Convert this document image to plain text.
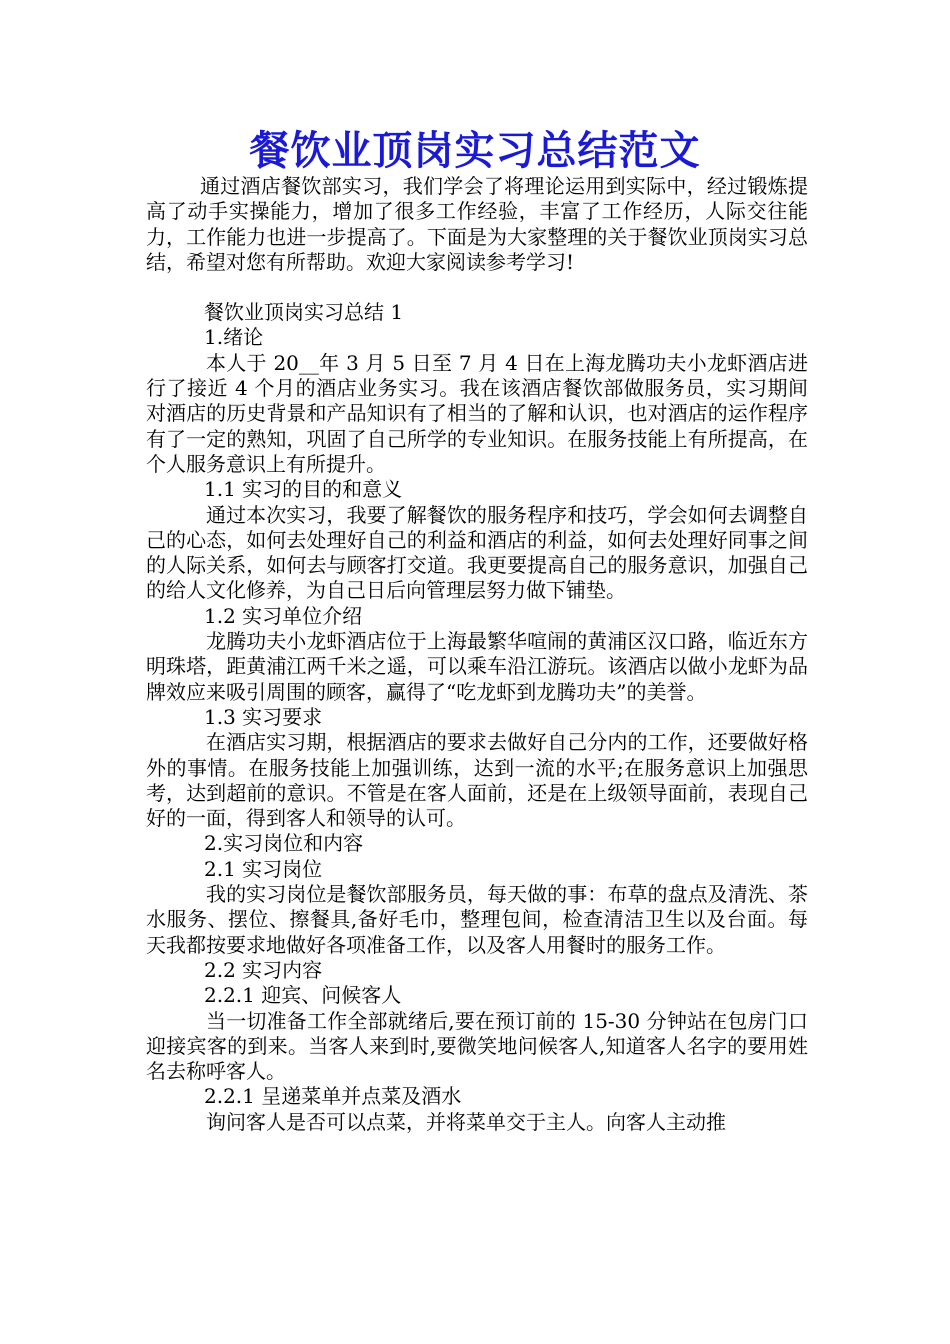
餐饮业顶岗实习总结范文

通过酒店餐饮部实习，我们学会了将理论运用到实际中，经过锻炼提高了动手实操能力，增加了很多工作经验，丰富了工作经历，人际交往能力，工作能力也进一步提高了。下面是为大家整理的关于餐饮业顶岗实习总结，希望对您有所帮助。欢迎大家阅读参考学习!

餐饮业顶岗实习总结 1

1.绪论

本人于 20__年 3 月 5 日至 7 月 4 日在上海龙腾功夫小龙虾酒店进行了接近 4 个月的酒店业务实习。我在该酒店餐饮部做服务员，实习期间对酒店的历史背景和产品知识有了相当的了解和认识，也对酒店的运作程序有了一定的熟知，巩固了自己所学的专业知识。在服务技能上有所提高，在个人服务意识上有所提升。

1.1 实习的目的和意义

通过本次实习，我要了解餐饮的服务程序和技巧，学会如何去调整自己的心态，如何去处理好自己的利益和酒店的利益，如何去处理好同事之间的人际关系，如何去与顾客打交道。我更要提高自己的服务意识，加强自己的给人文化修养，为自己日后向管理层努力做下铺垫。

1.2 实习单位介绍

龙腾功夫小龙虾酒店位于上海最繁华喧闹的黄浦区汉口路，临近东方明珠塔，距黄浦江两千米之遥，可以乘车沿江游玩。该酒店以做小龙虾为品牌效应来吸引周围的顾客，赢得了“吃龙虾到龙腾功夫”的美誉。

1.3 实习要求

在酒店实习期，根据酒店的要求去做好自己分内的工作，还要做好格外的事情。在服务技能上加强训练，达到一流的水平;在服务意识上加强思考，达到超前的意识。不管是在客人面前，还是在上级领导面前，表现自己好的一面，得到客人和领导的认可。

2.实习岗位和内容

2.1 实习岗位

我的实习岗位是餐饮部服务员，每天做的事：布草的盘点及清洗、茶水服务、摆位、擦餐具,备好毛巾，整理包间，检查清洁卫生以及台面。每天我都按要求地做好各项准备工作，以及客人用餐时的服务工作。

2.2 实习内容

2.2.1 迎宾、问候客人

当一切准备工作全部就绪后,要在预订前的 15-30 分钟站在包房门口迎接宾客的到来。当客人来到时,要微笑地问候客人,知道客人名字的要用姓名去称呼客人。

2.2.1 呈递菜单并点菜及酒水

询问客人是否可以点菜，并将菜单交于主人。向客人主动推
